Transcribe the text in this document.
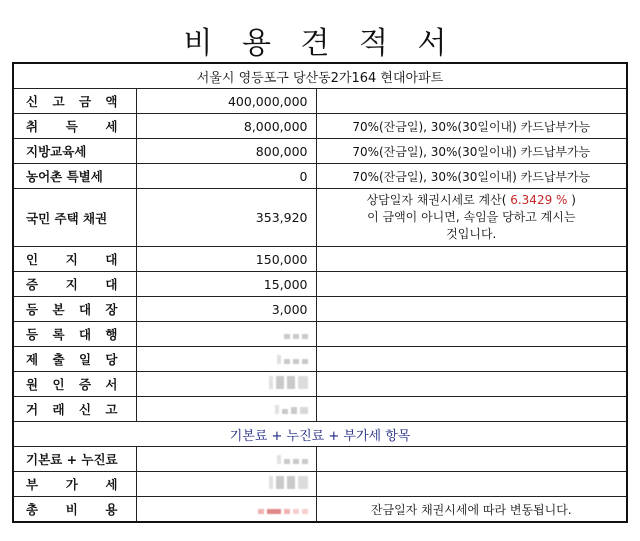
비 용 견 적 서
서울시 영등포구 당산동2가164 현대아파트		
신 고 금 액	400,000,000	
취 득 세	8,000,000	70%(잔금일), 30%(30일이내) 카드납부가능
지방교육세	800,000	70%(잔금일), 30%(30일이내) 카드납부가능
농어촌 특별세	0	70%(잔금일), 30%(30일이내) 카드납부가능
국민 주택 채권	353,920	상담일자 채권시세로 계산( 6.3429 % )
이 금액이 아니면, 속임을 당하고 계시는
것입니다.

인 지 대	150,000	
증 지 대	15,000	
등 본 대 장	3,000	
등 록 대 행		
제 출 일 당		
원 인 증 서		
거 래 신 고		
기본료 + 누진료 + 부가세 항목		
기본료 + 누진료		
부 가 세		
총 비 용		잔금일자 채권시세에 따라 변동됩니다.
